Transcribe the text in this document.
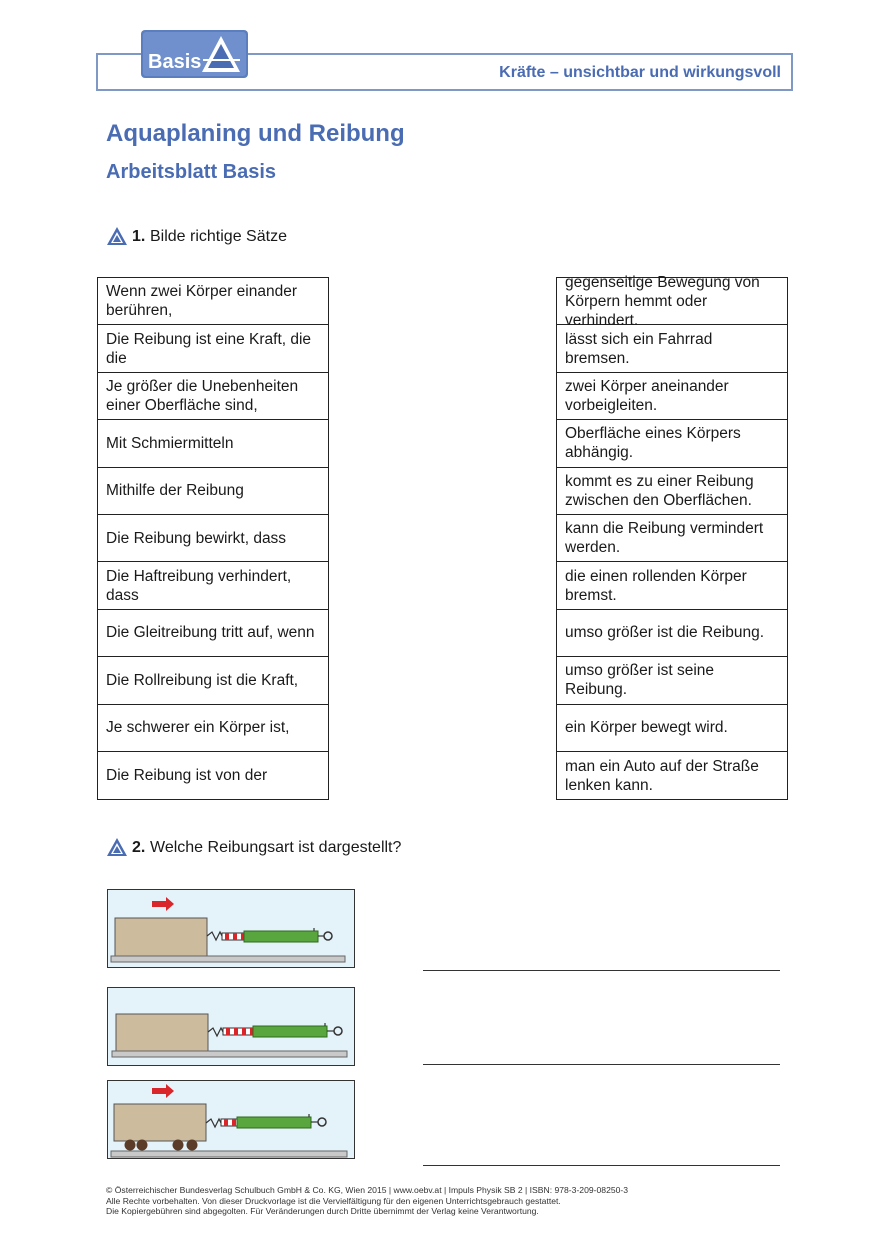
Kräfte – unsichtbar und wirkungsvoll
Basis
Aquaplaning und Reibung
Arbeitsblatt Basis
1. Bilde richtige Sätze
Wenn zwei Körper einander berühren,
Die Reibung ist eine Kraft, die die
Je größer die Unebenheiten einer Oberfläche sind,
Mit Schmiermitteln
Mithilfe der Reibung
Die Reibung bewirkt, dass
Die Haftreibung verhindert, dass
Die Gleitreibung tritt auf, wenn
Die Rollreibung ist die Kraft,
Je schwerer ein Körper ist,
Die Reibung ist von der
gegenseitige Bewegung von Körpern hemmt oder verhindert.
lässt sich ein Fahrrad bremsen.
zwei Körper aneinander vorbeigleiten.
Oberfläche eines Körpers abhängig.
kommt es zu einer Reibung zwischen den Oberflächen.
kann die Reibung vermindert werden.
die einen rollenden Körper bremst.
umso größer ist die Reibung.
umso größer ist seine Reibung.
ein Körper bewegt wird.
man ein Auto auf der Straße lenken kann.
2. Welche Reibungsart ist dargestellt?
© Österreichischer Bundesverlag Schulbuch GmbH & Co. KG, Wien 2015 | www.oebv.at | Impuls Physik SB 2 | ISBN: 978-3-209-08250-3
Alle Rechte vorbehalten. Von dieser Druckvorlage ist die Vervielfältigung für den eigenen Unterrichtsgebrauch gestattet.
Die Kopiergebühren sind abgegolten. Für Veränderungen durch Dritte übernimmt der Verlag keine Verantwortung.
